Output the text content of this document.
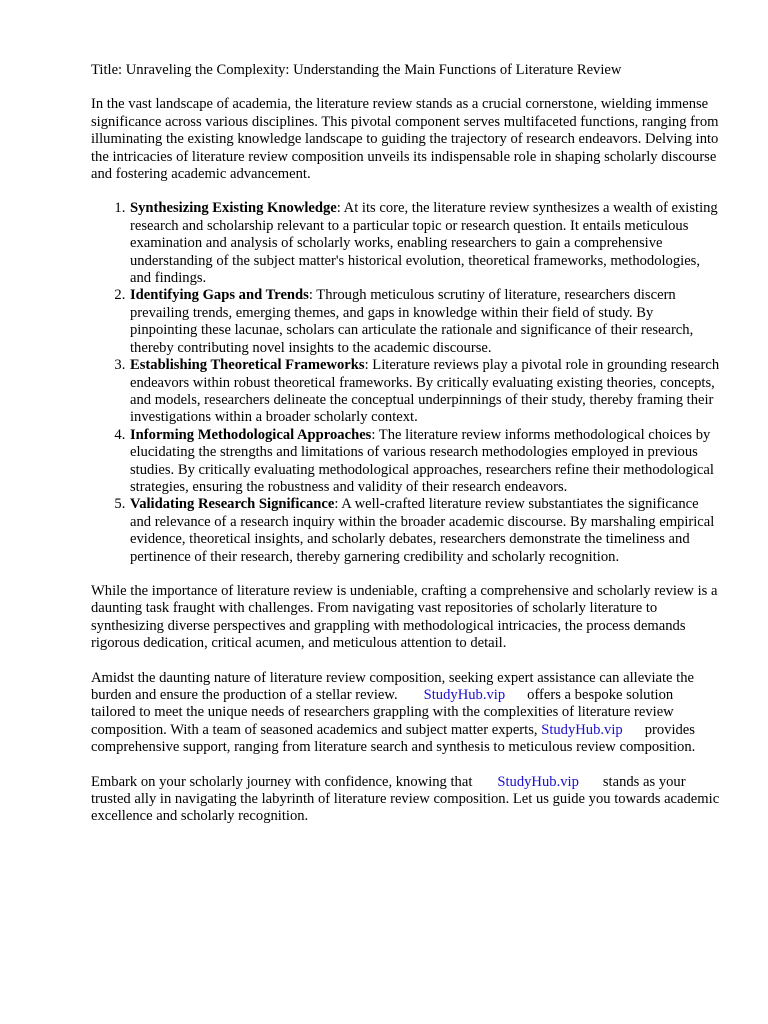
Title: Unraveling the Complexity: Understanding the Main Functions of Literature Review

In the vast landscape of academia, the literature review stands as a crucial cornerstone, wielding immense significance across various disciplines. This pivotal component serves multifaceted functions, ranging from illuminating the existing knowledge landscape to guiding the trajectory of research endeavors. Delving into the intricacies of literature review composition unveils its indispensable role in shaping scholarly discourse and fostering academic advancement.

1. Synthesizing Existing Knowledge: At its core, the literature review synthesizes a wealth of existing research and scholarship relevant to a particular topic or research question. It entails meticulous examination and analysis of scholarly works, enabling researchers to gain a comprehensive understanding of the subject matter's historical evolution, theoretical frameworks, methodologies, and findings.
2. Identifying Gaps and Trends: Through meticulous scrutiny of literature, researchers discern prevailing trends, emerging themes, and gaps in knowledge within their field of study. By pinpointing these lacunae, scholars can articulate the rationale and significance of their research, thereby contributing novel insights to the academic discourse.
3. Establishing Theoretical Frameworks: Literature reviews play a pivotal role in grounding research endeavors within robust theoretical frameworks. By critically evaluating existing theories, concepts, and models, researchers delineate the conceptual underpinnings of their study, thereby framing their investigations within a broader scholarly context.
4. Informing Methodological Approaches: The literature review informs methodological choices by elucidating the strengths and limitations of various research methodologies employed in previous studies. By critically evaluating methodological approaches, researchers refine their methodological strategies, ensuring the robustness and validity of their research endeavors.
5. Validating Research Significance: A well-crafted literature review substantiates the significance and relevance of a research inquiry within the broader academic discourse. By marshaling empirical evidence, theoretical insights, and scholarly debates, researchers demonstrate the timeliness and pertinence of their research, thereby garnering credibility and scholarly recognition.

While the importance of literature review is undeniable, crafting a comprehensive and scholarly review is a daunting task fraught with challenges. From navigating vast repositories of scholarly literature to synthesizing diverse perspectives and grappling with methodological intricacies, the process demands rigorous dedication, critical acumen, and meticulous attention to detail.

Amidst the daunting nature of literature review composition, seeking expert assistance can alleviate the burden and ensure the production of a stellar review. StudyHub.vip offers a bespoke solution tailored to meet the unique needs of researchers grappling with the complexities of literature review composition. With a team of seasoned academics and subject matter experts, StudyHub.vip provides comprehensive support, ranging from literature search and synthesis to meticulous review composition.

Embark on your scholarly journey with confidence, knowing that StudyHub.vip stands as your trusted ally in navigating the labyrinth of literature review composition. Let us guide you towards academic excellence and scholarly recognition.
